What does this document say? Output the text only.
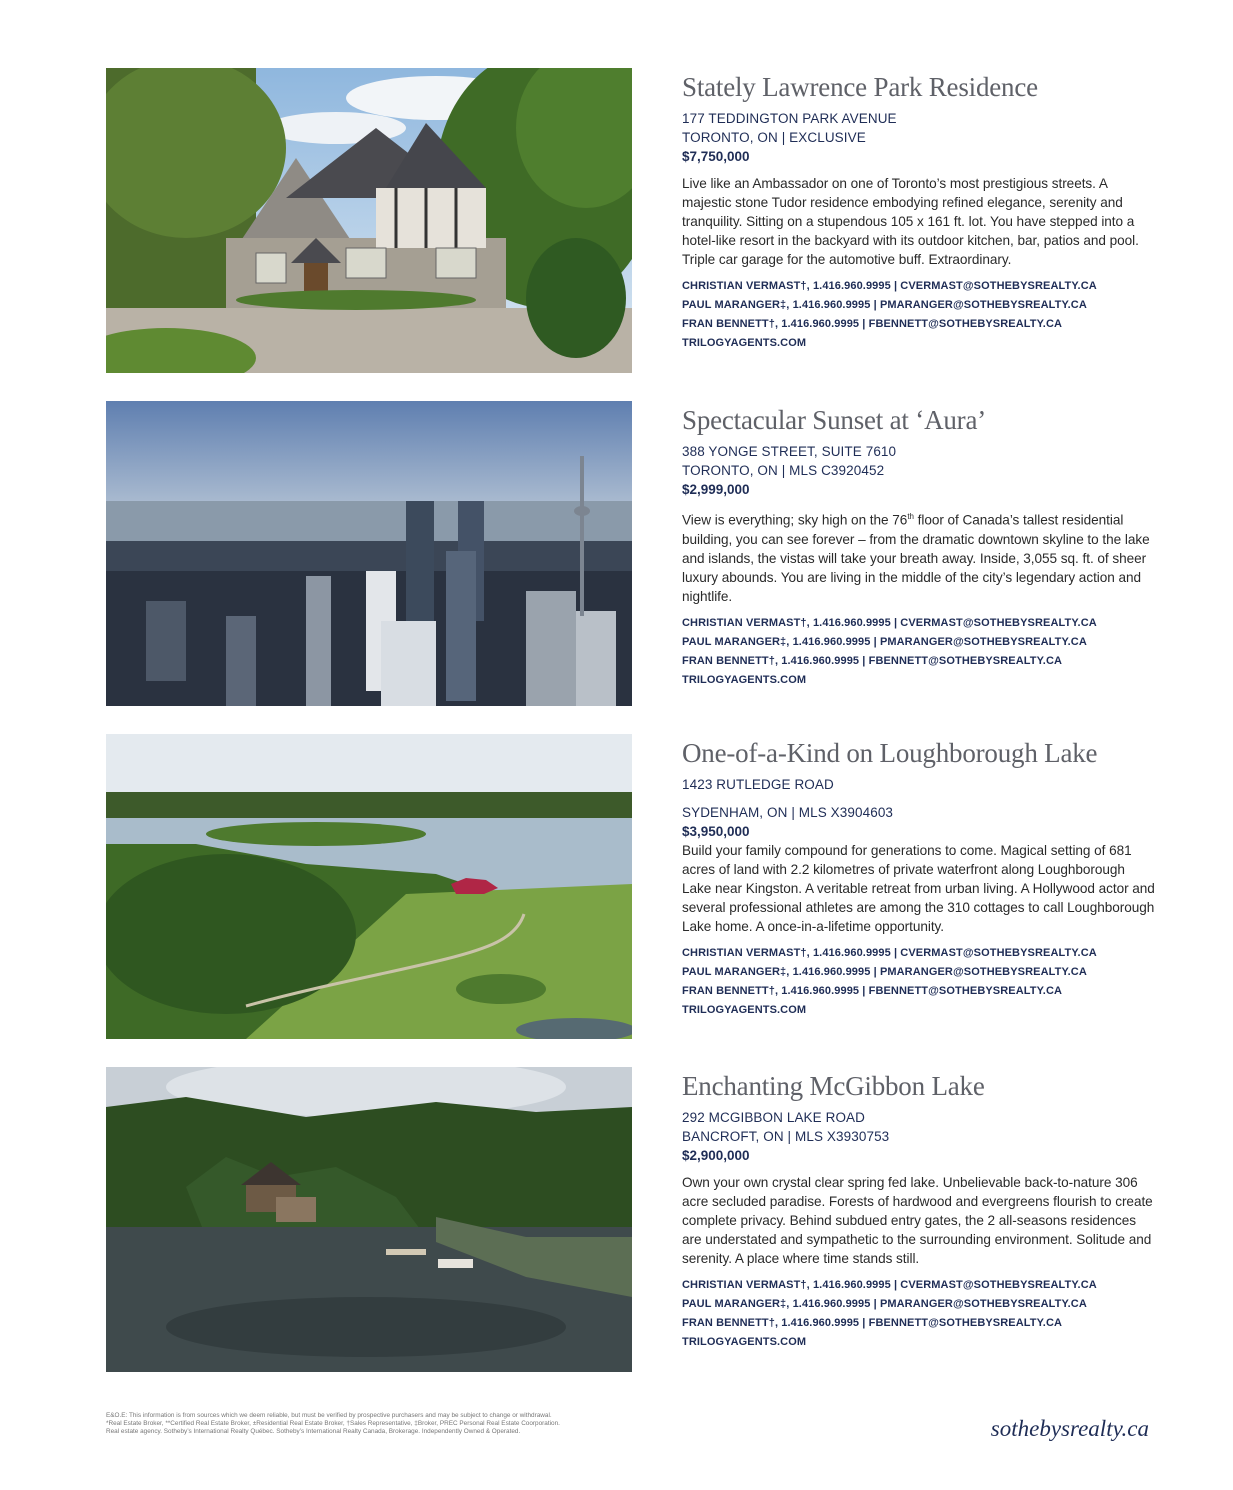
Stately Lawrence Park Residence
177 TEDDINGTON PARK AVENUE
TORONTO, ON | EXCLUSIVE
$7,750,000
Live like an Ambassador on one of Toronto’s most prestigious streets. A majestic stone Tudor residence embodying refined elegance, serenity and tranquility. Sitting on a stupendous 105 x 161 ft. lot. You have stepped into a hotel-like resort in the backyard with its outdoor kitchen, bar, patios and pool. Triple car garage for the automotive buff. Extraordinary.
CHRISTIAN VERMAST†, 1.416.960.9995 | CVERMAST@SOTHEBYSREALTY.CA
PAUL MARANGER‡, 1.416.960.9995 | PMARANGER@SOTHEBYSREALTY.CA
FRAN BENNETT†, 1.416.960.9995 | FBENNETT@SOTHEBYSREALTY.CA
TRILOGYAGENTS.COM
Spectacular Sunset at ‘Aura’
388 YONGE STREET, SUITE 7610
TORONTO, ON | MLS C3920452
$2,999,000
View is everything; sky high on the 76th floor of Canada’s tallest residential building, you can see forever – from the dramatic downtown skyline to the lake and islands, the vistas will take your breath away. Inside, 3,055 sq. ft. of sheer luxury abounds. You are living in the middle of the city’s legendary action and nightlife.
CHRISTIAN VERMAST†, 1.416.960.9995 | CVERMAST@SOTHEBYSREALTY.CA
PAUL MARANGER‡, 1.416.960.9995 | PMARANGER@SOTHEBYSREALTY.CA
FRAN BENNETT†, 1.416.960.9995 | FBENNETT@SOTHEBYSREALTY.CA
TRILOGYAGENTS.COM
One-of-a-Kind on Loughborough Lake
1423 RUTLEDGE ROAD
SYDENHAM, ON | MLS X3904603
$3,950,000
Build your family compound for generations to come. Magical setting of 681 acres of land with 2.2 kilometres of private waterfront along Loughborough Lake near Kingston. A veritable retreat from urban living. A Hollywood actor and several professional athletes are among the 310 cottages to call Loughborough Lake home. A once-in-a-lifetime opportunity.
CHRISTIAN VERMAST†, 1.416.960.9995 | CVERMAST@SOTHEBYSREALTY.CA
PAUL MARANGER‡, 1.416.960.9995 | PMARANGER@SOTHEBYSREALTY.CA
FRAN BENNETT†, 1.416.960.9995 | FBENNETT@SOTHEBYSREALTY.CA
TRILOGYAGENTS.COM
Enchanting McGibbon Lake
292 MCGIBBON LAKE ROAD
BANCROFT, ON | MLS X3930753
$2,900,000
Own your own crystal clear spring fed lake. Unbelievable back-to-nature 306 acre secluded paradise. Forests of hardwood and evergreens flourish to create complete privacy. Behind subdued entry gates, the 2 all-seasons residences are understated and sympathetic to the surrounding environment. Solitude and serenity. A place where time stands still.
CHRISTIAN VERMAST†, 1.416.960.9995 | CVERMAST@SOTHEBYSREALTY.CA
PAUL MARANGER‡, 1.416.960.9995 | PMARANGER@SOTHEBYSREALTY.CA
FRAN BENNETT†, 1.416.960.9995 | FBENNETT@SOTHEBYSREALTY.CA
TRILOGYAGENTS.COM
E&O.E: This information is from sources which we deem reliable, but must be verified by prospective purchasers and may be subject to change or withdrawal.
*Real Estate Broker, **Certified Real Estate Broker, ±Residential Real Estate Broker, †Sales Representative, ‡Broker, PREC Personal Real Estate Coorporation.
Real estate agency. Sotheby’s International Realty Québec. Sotheby’s International Realty Canada, Brokerage. Independently Owned & Operated.	sothebysrealty.ca
